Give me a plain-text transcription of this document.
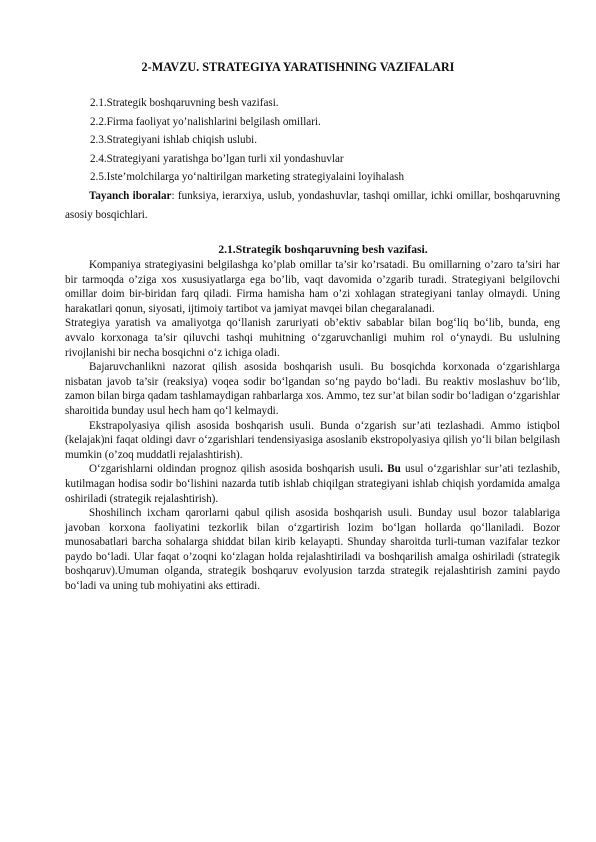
2-MAVZU. STRATEGIYA YARATISHNING VAZIFALARI
2.1.Strategik boshqaruvning besh vazifasi.
2.2.Firma faoliyat yo’nalishlarini belgilash omillari.
2.3.Strategiyani ishlab chiqish uslubi.
2.4.Strategiyani yaratishga bo’lgan turli xil yondashuvlar
2.5.Iste’molchilarga yo‘naltirilgan marketing strategiyalaini loyihalash
Tayanch iboralar: funksiya, ierarxiya, uslub, yondashuvlar, tashqi omillar, ichki omillar, boshqaruvning asosiy bosqichlari.
2.1.Strategik boshqaruvning besh vazifasi.

Kompaniya strategiyasini belgilashga ko’plab omillar ta’sir ko’rsatadi. Bu omillarning o’zaro ta’siri har bir tarmoqda o’ziga xos xususiyatlarga ega bo’lib, vaqt davomida o’zgarib turadi. Strategiyani belgilovchi omillar doim bir-biridan farq qiladi. Firma hamisha ham o’zi xohlagan strategiyani tanlay olmaydi. Uning harakatlari qonun, siyosati, ijtimoiy tartibot va jamiyat mavqei bilan chegaralanadi.

Strategiya yaratish va amaliyotga qo‘llanish zaruriyati ob’ektiv sabablar bilan bog‘liq bo‘lib, bunda, eng avvalo korxonaga ta’sir qiluvchi tashqi muhitning o‘zgaruvchanligi muhim rol o‘ynaydi. Bu uslulning rivojlanishi bir necha bosqichni o‘z ichiga oladi.

Bajaruvchanlikni nazorat qilish asosida boshqarish usuli. Bu bosqichda korxonada o‘zgarishlarga nisbatan javob ta’sir (reaksiya) voqea sodir bo‘lgandan so‘ng paydo bo‘ladi. Bu reaktiv moslashuv bo‘lib, zamon bilan birga qadam tashlamaydigan rahbarlarga xos. Ammo, tez sur’at bilan sodir bo‘ladigan o‘zgarishlar sharoitida bunday usul hech ham qo‘l kelmaydi.

Ekstrapolyasiya qilish asosida boshqarish usuli. Bunda o‘zgarish sur’ati tezlashadi. Ammo istiqbol (kelajak)ni faqat oldingi davr o‘zgarishlari tendensiyasiga asoslanib ekstropolyasiya qilish yo‘li bilan belgilash mumkin (o’zoq muddatli rejalashtirish).

O‘zgarishlarni oldindan prognoz qilish asosida boshqarish usuli. Bu usul o‘zgarishlar sur’ati tezlashib, kutilmagan hodisa sodir bo‘lishini nazarda tutib ishlab chiqilgan strategiyani ishlab chiqish yordamida amalga oshiriladi (strategik rejalashtirish).

Shoshilinch ixcham qarorlarni qabul qilish asosida boshqarish usuli. Bunday usul bozor talablariga javoban korxona faoliyatini tezkorlik bilan o‘zgartirish lozim bo‘lgan hollarda qo‘llaniladi. Bozor munosabatlari barcha sohalarga shiddat bilan kirib kelayapti. Shunday sharoitda turli-tuman vazifalar tezkor paydo bo‘ladi. Ular faqat o’zoqni ko‘zlagan holda rejalashtiriladi va boshqarilish amalga oshiriladi (strategik boshqaruv).Umuman olganda, strategik boshqaruv evolyusion tarzda strategik rejalashtirish zamini paydo bo‘ladi va uning tub mohiyatini aks ettiradi.
